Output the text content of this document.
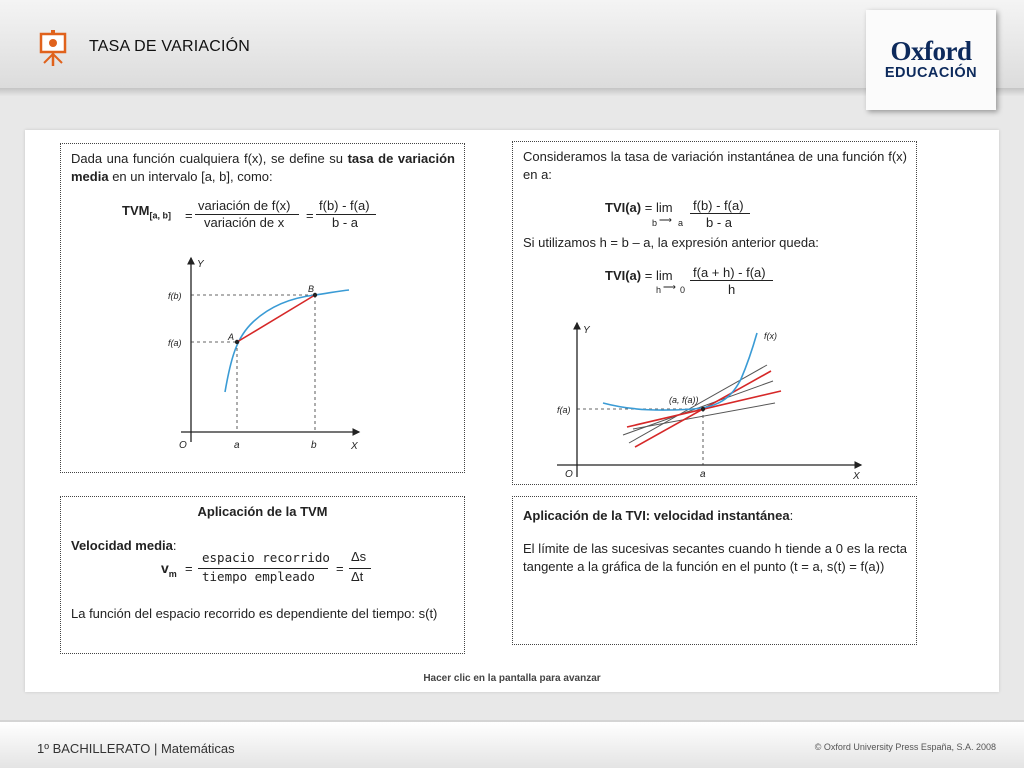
TASA DE VARIACIÓN	Oxford
EDUCACIÓN
Dada una función cualquiera f(x), se define su tasa de variación media en un intervalo [a, b], como:
$TVM_{[a, b]}$ =
variación de f(x)
variación de x =
f(b) - f(a)
b - a
Y
X
O
f(b)
f(a)
A
B
a	b
Consideramos la tasa de variación instantánea de una función f(x) en a:
TVI(a) = lim
b ⟶ a
f(b) - f(a)
b - a
Si utilizamos h = b – a, la expresión anterior queda:
TVI(a) = lim
h ⟶ 0
f(a + h) - f(a)
h
Y
X
O
f(x)
f(a)
(a, f(a))
a
Aplicación de la TVM
Velocidad media:
$v_m$ =
espacio recorrido
tiempo empleado
=
Δs
Δt
La función del espacio recorrido es dependiente del tiempo: s(t)
Aplicación de la TVI: velocidad instantánea:
El límite de las sucesivas secantes cuando h tiende a 0 es la recta tangente a la gráfica de la función en el punto (t = a, s(t) = f(a))
Hacer clic en la pantalla para avanzar
1º BACHILLERATO | Matemáticas	© Oxford University Press España, S.A. 2008
